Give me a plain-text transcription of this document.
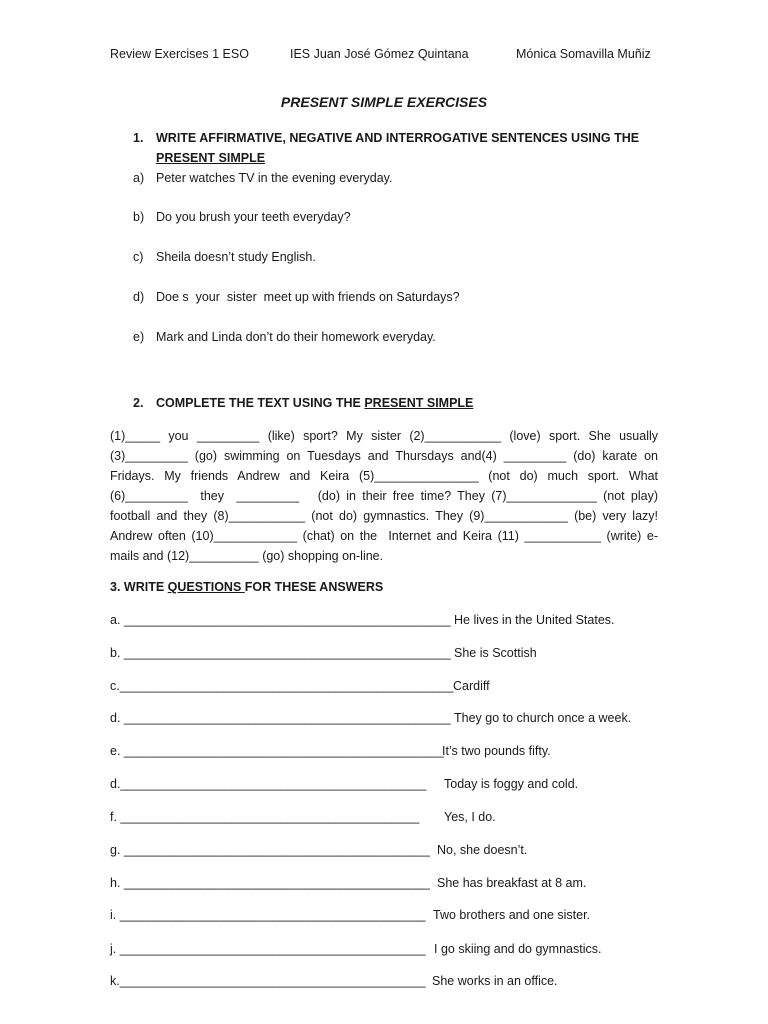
Review Exercises 1 ESO	IES Juan José Gómez Quintana	Mónica Somavilla Muñiz
PRESENT SIMPLE EXERCISES
1. WRITE AFFIRMATIVE, NEGATIVE AND INTERROGATIVE SENTENCES USING THE
PRESENT SIMPLE
a) Peter watches TV in the evening everyday.
b) Do you brush your teeth everyday?
c) Sheila doesn’t study English.
d) Doe s  your  sister  meet up with friends on Saturdays?
e) Mark and Linda don’t do their homework everyday.
2. COMPLETE THE TEXT USING THE PRESENT SIMPLE
(1)_____ you _________ (like) sport? My sister (2)___________ (love) sport. She usually
(3)_________ (go) swimming on Tuesdays and Thursdays and(4) _________ (do) karate on
Fridays. My friends Andrew and Keira (5)_______________ (not do) much sport. What
(6)_________  they  _________   (do) in their free time? They (7)_____________ (not play)
football and they (8)___________ (not do) gymnastics. They (9)____________ (be) very lazy!
Andrew often (10)____________ (chat) on the  Internet and Keira (11) ___________ (write) e-
mails and (12)__________ (go) shopping on-line.
3. WRITE QUESTIONS FOR THESE ANSWERS
a. _______________________________________________ He lives in the United States.
b. _______________________________________________ She is Scottish
c.________________________________________________ Cardiff
d. _______________________________________________ They go to church once a week.
e. ______________________________________________
It’s two pounds fifty.
d.____________________________________________ Today is foggy and cold.
f. ___________________________________________ Yes, I do.
g. ____________________________________________ No, she doesn’t.
h. ____________________________________________ She has breakfast at 8 am.
i. ____________________________________________ Two brothers and one sister.
j. ____________________________________________ I go skiing and do gymnastics.
k.____________________________________________ She works in an office.
